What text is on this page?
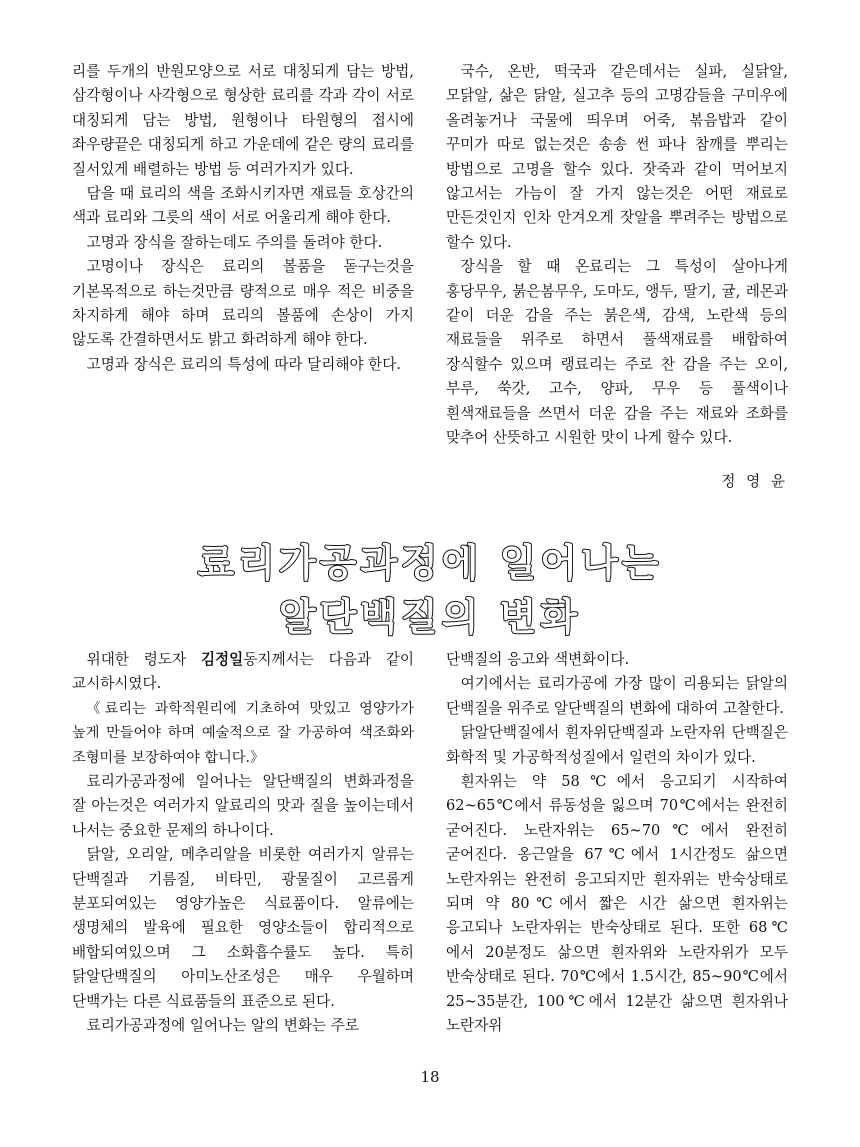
리를 두개의 반원모양으로 서로 대칭되게 담는 방법, 삼각형이나 사각형으로 형상한 료리를 각과 각이 서로 대칭되게 담는 방법, 원형이나 타원형의 접시에 좌우량끝은 대칭되게 하고 가운데에 같은 량의 료리를 질서있게 배렬하는 방법 등 여러가지가 있다.

담을 때 료리의 색을 조화시키자면 재료들 호상간의 색과 료리와 그릇의 색이 서로 어울리게 해야 한다.

고명과 장식을 잘하는데도 주의를 돌려야 한다.

고명이나 장식은 료리의 볼품을 돋구는것을 기본목적으로 하는것만큼 량적으로 매우 적은 비중을 차지하게 해야 하며 료리의 볼품에 손상이 가지 않도록 간결하면서도 밝고 화려하게 해야 한다.

고명과 장식은 료리의 특성에 따라 달리해야 한다.

국수, 온반, 떡국과 같은데서는 실파, 실닭알, 모닭알, 삶은 닭알, 실고추 등의 고명감들을 구미우에 올려놓거나 국물에 띄우며 어죽, 볶음밥과 같이 꾸미가 따로 없는것은 송송 썬 파나 참깨를 뿌리는 방법으로 고명을 할수 있다. 잣죽과 같이 먹어보지 않고서는 가늠이 잘 가지 않는것은 어떤 재료로 만든것인지 인차 안겨오게 잣알을 뿌려주는 방법으로 할수 있다.

장식을 할 때 온료리는 그 특성이 살아나게 홍당무우, 붉은봄무우, 도마도, 앵두, 딸기, 귤, 레몬과 같이 더운 감을 주는 붉은색, 감색, 노란색 등의 재료들을 위주로 하면서 풀색재료를 배합하여 장식할수 있으며 랭료리는 주로 찬 감을 주는 오이, 부루, 쑥갓, 고수, 양파, 무우 등 풀색이나 흰색재료들을 쓰면서 더운 감을 주는 재료와 조화를 맞추어 산뜻하고 시원한 맛이 나게 할수 있다.

정 영 윤
료리가공과정에 일어나는
알단백질의 변화

위대한 령도자 김정일동지께서는 다음과 같이 교시하시였다.

《료리는 과학적원리에 기초하여 맛있고 영양가가 높게 만들어야 하며 예술적으로 잘 가공하여 색조화와 조형미를 보장하여야 합니다.》

료리가공과정에 일어나는 알단백질의 변화과정을 잘 아는것은 여러가지 알료리의 맛과 질을 높이는데서 나서는 중요한 문제의 하나이다.

닭알, 오리알, 메추리알을 비롯한 여러가지 알류는 단백질과 기름질, 비타민, 광물질이 고르롭게 분포되여있는 영양가높은 식료품이다. 알류에는 생명체의 발육에 필요한 영양소들이 합리적으로 배합되여있으며 그 소화흡수률도 높다. 특히 닭알단백질의 아미노산조성은 매우 우월하며 단백가는 다른 식료품들의 표준으로 된다.

료리가공과정에 일어나는 알의 변화는 주로

단백질의 응고와 색변화이다.

여기에서는 료리가공에 가장 많이 리용되는 닭알의 단백질을 위주로 알단백질의 변화에 대하여 고찰한다.

닭알단백질에서 흰자위단백질과 노란자위 단백질은 화학적 및 가공학적성질에서 일련의 차이가 있다.

흰자위는 약 58℃에서 응고되기 시작하여 62~65℃에서 류동성을 잃으며 70℃에서는 완전히 굳어진다. 노란자위는 65~70℃에서 완전히 굳어진다. 옹근알을 67℃에서 1시간정도 삶으면 노란자위는 완전히 응고되지만 흰자위는 반숙상태로 되며 약 80℃에서 짧은 시간 삶으면 흰자위는 응고되나 노란자위는 반숙상태로 된다. 또한 68℃에서 20분정도 삶으면 흰자위와 노란자위가 모두 반숙상태로 된다. 70℃에서 1.5시간, 85~90℃에서 25~35분간, 100℃에서 12분간 삶으면 흰자위나 노란자위

18
